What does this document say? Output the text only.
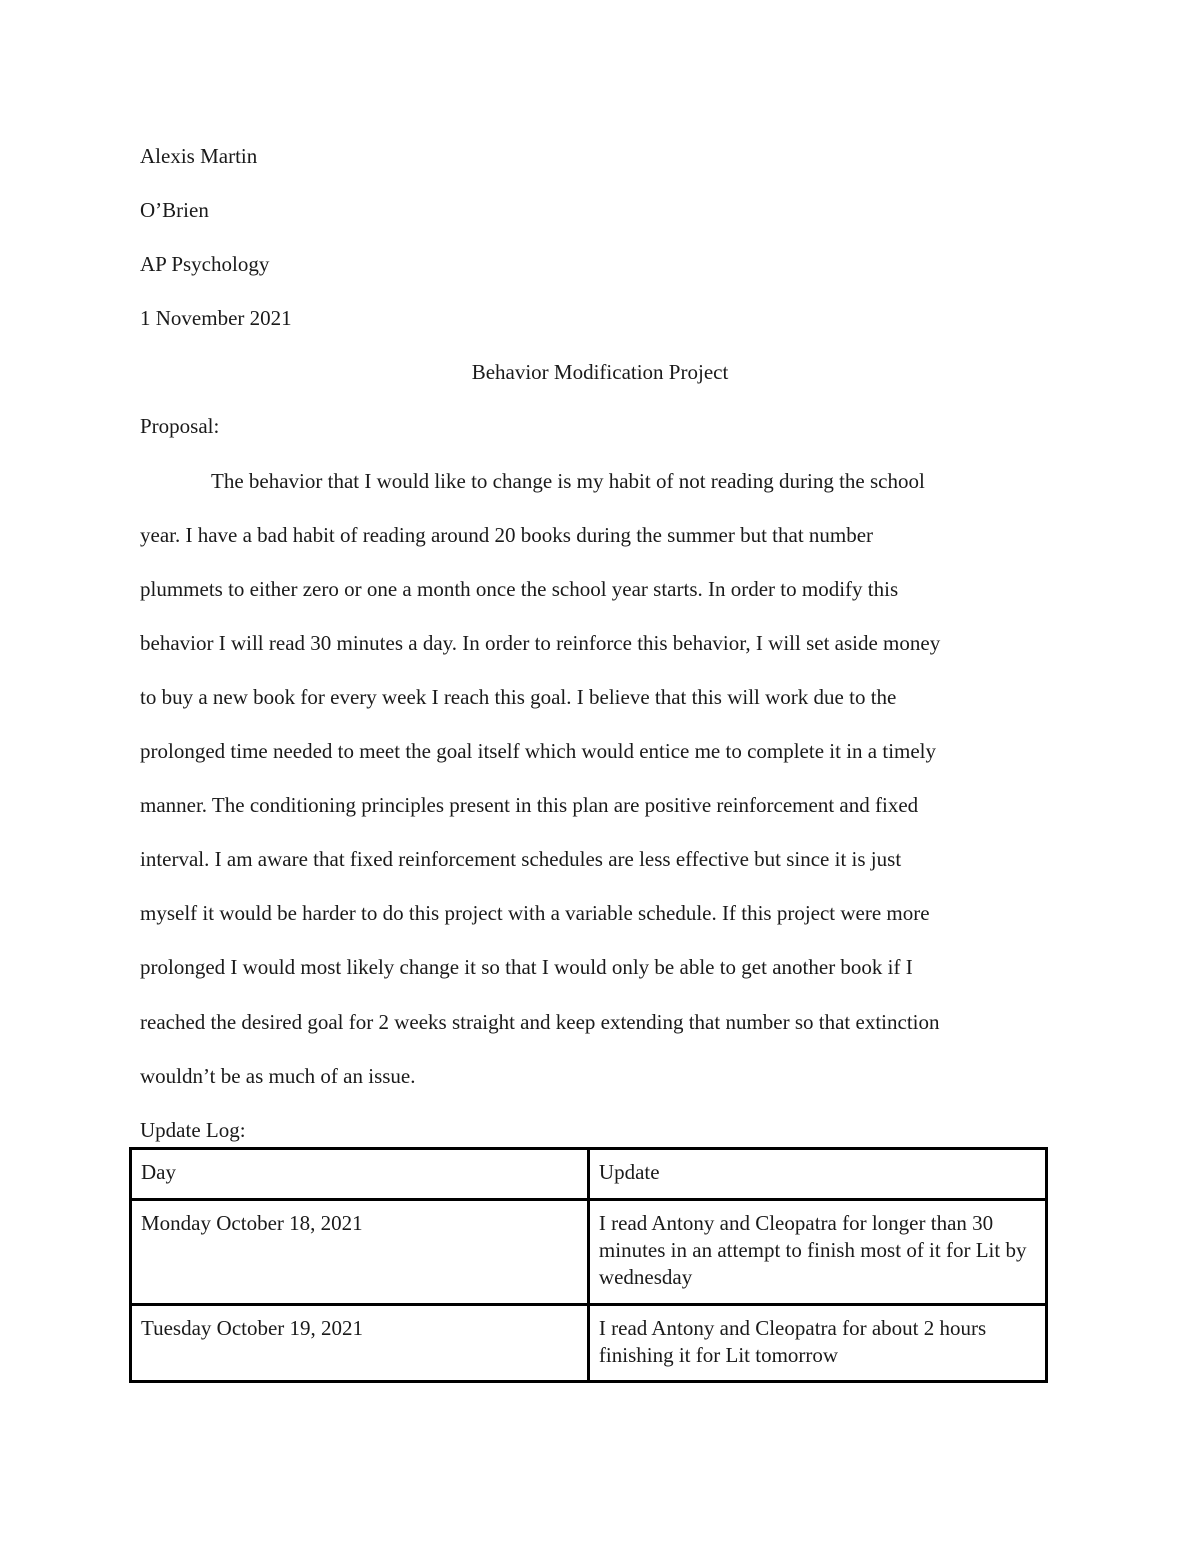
Alexis Martin
O’Brien
AP Psychology
1 November 2021
Behavior Modification Project
Proposal:
The behavior that I would like to change is my habit of not reading during the school
year. I have a bad habit of reading around 20 books during the summer but that number
plummets to either zero or one a month once the school year starts. In order to modify this
behavior I will read 30 minutes a day. In order to reinforce this behavior, I will set aside money
to buy a new book for every week I reach this goal. I believe that this will work due to the
prolonged time needed to meet the goal itself which would entice me to complete it in a timely
manner. The conditioning principles present in this plan are positive reinforcement and fixed
interval. I am aware that fixed reinforcement schedules are less effective but since it is just
myself it would be harder to do this project with a variable schedule. If this project were more
prolonged I would most likely change it so that I would only be able to get another book if I
reached the desired goal for 2 weeks straight and keep extending that number so that extinction
wouldn’t be as much of an issue.
Update Log:
Day	Update
Monday October 18, 2021	I read Antony and Cleopatra for longer than 30 minutes in an attempt to finish most of it for Lit by wednesday
Tuesday October 19, 2021	I read Antony and Cleopatra for about 2 hours finishing it for Lit tomorrow
